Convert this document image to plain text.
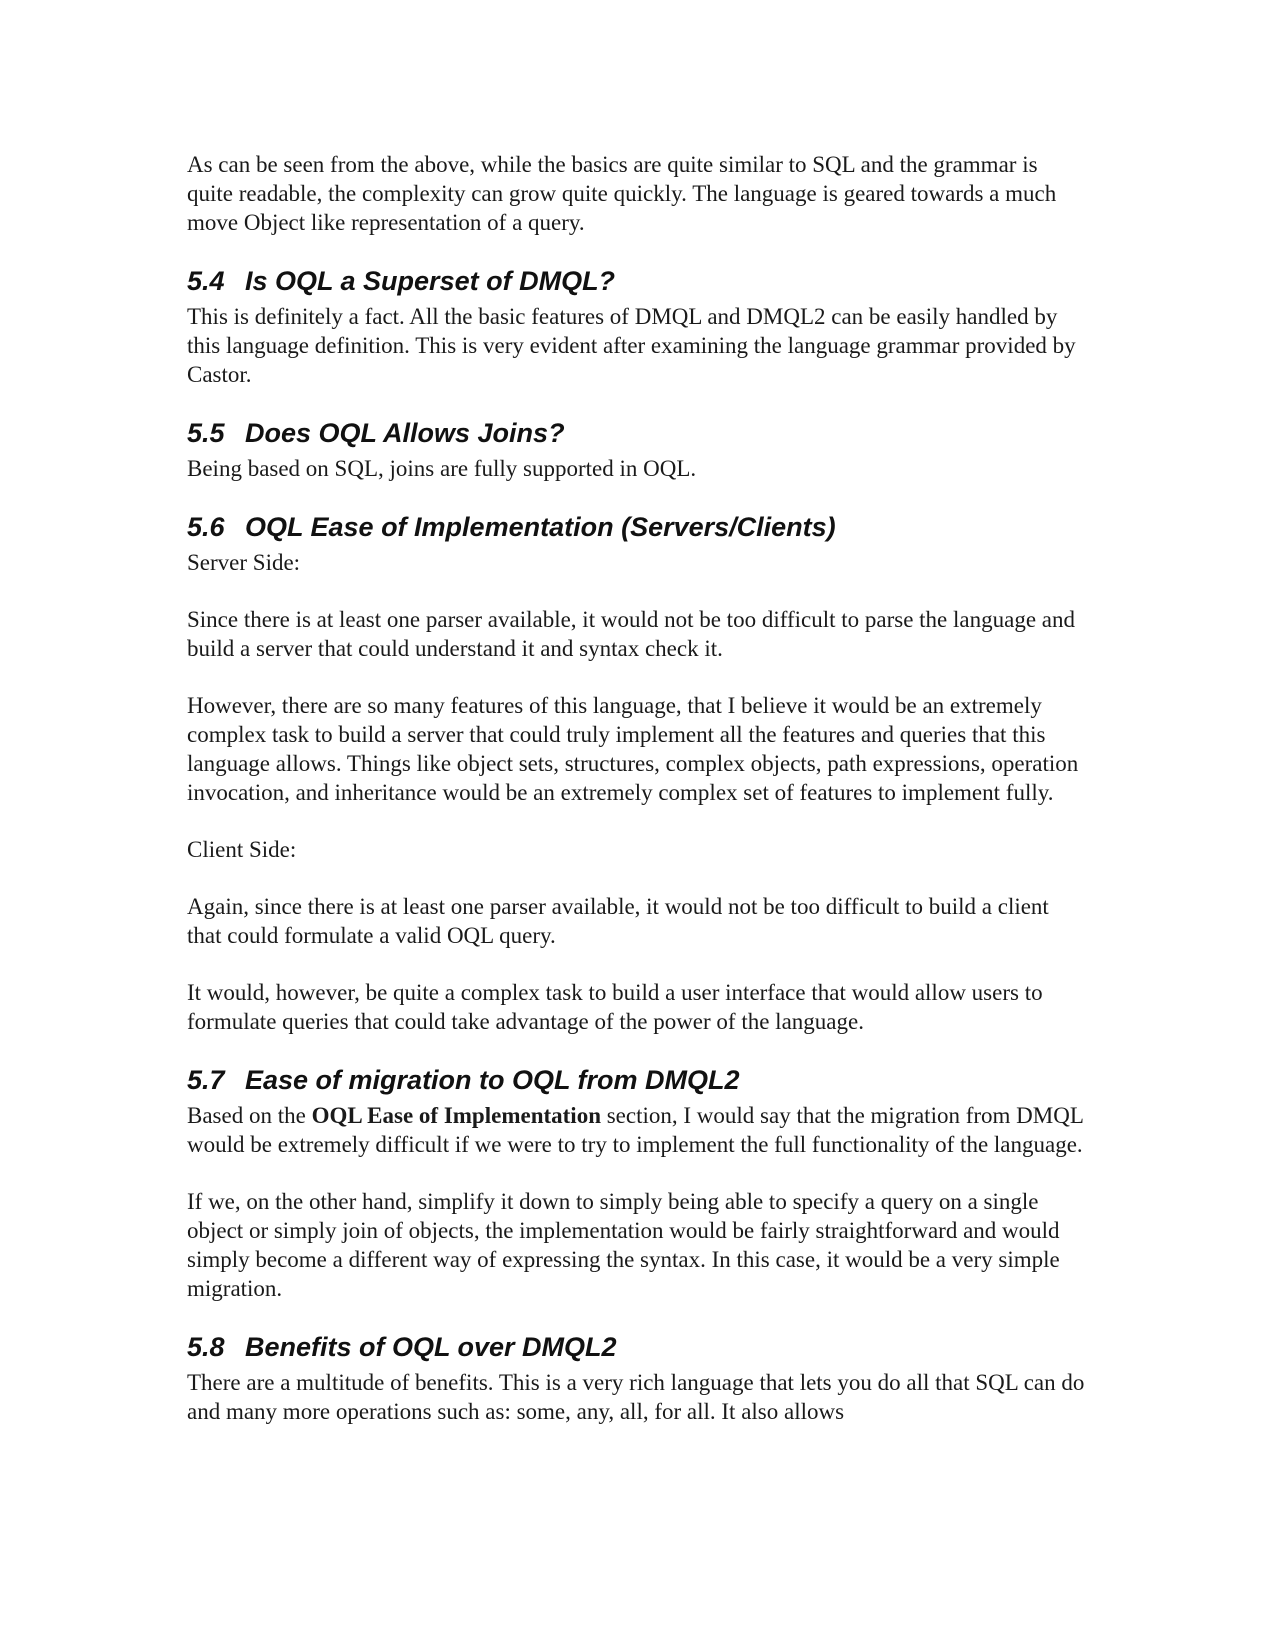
As can be seen from the above, while the basics are quite similar to SQL and the grammar is quite readable, the complexity can grow quite quickly. The language is geared towards a much move Object like representation of a query.

5.4 Is OQL a Superset of DMQL?

This is definitely a fact. All the basic features of DMQL and DMQL2 can be easily handled by this language definition. This is very evident after examining the language grammar provided by Castor.

5.5 Does OQL Allows Joins?

Being based on SQL, joins are fully supported in OQL.

5.6 OQL Ease of Implementation (Servers/Clients)

Server Side:

Since there is at least one parser available, it would not be too difficult to parse the language and build a server that could understand it and syntax check it.

However, there are so many features of this language, that I believe it would be an extremely complex task to build a server that could truly implement all the features and queries that this language allows. Things like object sets, structures, complex objects, path expressions, operation invocation, and inheritance would be an extremely complex set of features to implement fully.

Client Side:

Again, since there is at least one parser available, it would not be too difficult to build a client that could formulate a valid OQL query.

It would, however, be quite a complex task to build a user interface that would allow users to formulate queries that could take advantage of the power of the language.

5.7 Ease of migration to OQL from DMQL2

Based on the OQL Ease of Implementation section, I would say that the migration from DMQL would be extremely difficult if we were to try to implement the full functionality of the language.

If we, on the other hand, simplify it down to simply being able to specify a query on a single object or simply join of objects, the implementation would be fairly straightforward and would simply become a different way of expressing the syntax. In this case, it would be a very simple migration.

5.8 Benefits of OQL over DMQL2

There are a multitude of benefits. This is a very rich language that lets you do all that SQL can do and many more operations such as: some, any, all, for all. It also allows
